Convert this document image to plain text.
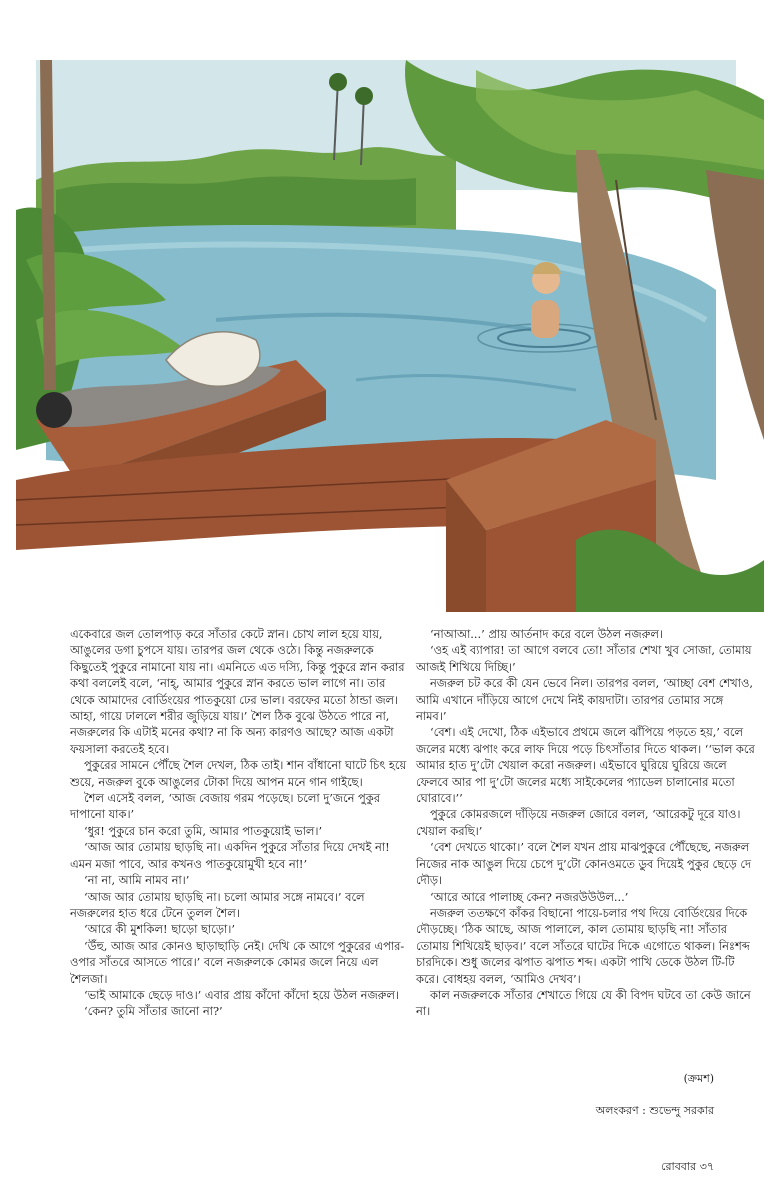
একেবারে জল তোলপাড় করে সাঁতার কেটে স্নান। চোখ লাল হয়ে যায়, আঙুলের ডগা চুপসে যায়। তারপর জল থেকে ওঠে। কিন্তু নজরুলকে কিছুতেই পুকুরে নামানো যায় না। এমনিতে এত দস্যি, কিন্তু পুকুরে স্নান করার কথা বললেই বলে, ‘নাহ্‌, আমার পুকুরে স্নান করতে ভাল লাগে না। তার থেকে আমাদের বোর্ডিংয়ের পাতকুয়ো ঢের ভাল। বরফের মতো ঠান্ডা জল। আহা, গায়ে ঢাললে শরীর জুড়িয়ে যায়।’ শৈল ঠিক বুঝে উঠতে পারে না, নজরুলের কি এটাই মনের কথা? না কি অন্য কারণও আছে? আজ একটা ফয়সালা করতেই হবে।

পুকুরের সামনে পৌঁছে শৈল দেখল, ঠিক তাই। শান বাঁধানো ঘাটে চিৎ হয়ে শুয়ে, নজরুল বুকে আঙুলের টোকা দিয়ে আপন মনে গান গাইছে।

শৈল এসেই বলল, ‘আজ বেজায় গরম পড়েছে। চলো দু’জনে পুকুর দাপানো যাক।’

‘ধুর! পুকুরে চান করো তুমি, আমার পাতকুয়োই ভাল।’

‘আজ আর তোমায় ছাড়ছি না। একদিন পুকুরে সাঁতার দিয়ে দেখই না! এমন মজা পাবে, আর কখনও পাতকুয়োমুখী হবে না!’

‘না না, আমি নামব না।’

‘আজ আর তোমায় ছাড়ছি না। চলো আমার সঙ্গে নামবে।’ বলে নজরুলের হাত ধরে টেনে তুলল শৈল।

‘আরে কী মুশকিল! ছাড়ো ছাড়ো।’

‘উঁহু, আজ আর কোনও ছাড়াছাড়ি নেই। দেখি কে আগে পুকুরের এপার-ওপার সাঁতরে আসতে পারে।’ বলে নজরুলকে কোমর জলে নিয়ে এল শৈলজা।

‘ভাই আমাকে ছেড়ে দাও।’ এবার প্রায় কাঁদো কাঁদো হয়ে উঠল নজরুল।

‘কেন? তুমি সাঁতার জানো না?’

‘নাআআ...’ প্রায় আর্তনাদ করে বলে উঠল নজরুল।

‘ওহ এই ব্যাপার! তা আগে বলবে তো! সাঁতার শেখা খুব সোজা, তোমায় আজই শিখিয়ে দিচ্ছি।’

নজরুল চট করে কী যেন ভেবে নিল। তারপর বলল, ‘আচ্ছা বেশ শেখাও, আমি এখানে দাঁড়িয়ে আগে দেখে নিই কায়দাটা। তারপর তোমার সঙ্গে নামব।’

‘বেশ। এই দেখো, ঠিক এইভাবে প্রথমে জলে ঝাঁপিয়ে পড়তে হয়,’ বলে জলের মধ্যে ঝপাং করে লাফ দিয়ে পড়ে চিৎসাঁতার দিতে থাকল। ‘‘ভাল করে আমার হাত দু’টো খেয়াল করো নজরুল। এইভাবে ঘুরিয়ে ঘুরিয়ে জলে ফেলবে আর পা দু’টো জলের মধ্যে সাইকেলের প্যাডেল চালানোর মতো ঘোরাবে।’’

পুকুরে কোমরজলে দাঁড়িয়ে নজরুল জোরে বলল, ‘আরেকটু দূরে যাও। খেয়াল করছি।’

‘বেশ দেখতে থাকো।’ বলে শৈল যখন প্রায় মাঝপুকুরে পৌঁছেছে, নজরুল নিজের নাক আঙুল দিয়ে চেপে দু’টো কোনওমতে ডুব দিয়েই পুকুর ছেড়ে দে দৌড়।

‘আরে আরে পালাচ্ছ কেন? নজরউউউল...’

নজরুল ততক্ষণে কাঁকর বিছানো পায়ে-চলার পথ দিয়ে বোর্ডিংয়ের দিকে দৌড়চ্ছে। ‘ঠিক আছে, আজ পালালে, কাল তোমায় ছাড়ছি না! সাঁতার তোমায় শিখিয়েই ছাড়ব।’ বলে সাঁতরে ঘাটের দিকে এগোতে থাকল। নিঃশব্দ চারদিকে। শুধু জলের ঝপাত ঝপাত শব্দ। একটা পাখি ডেকে উঠল টি-টি করে। বোধহয় বলল, ‘আমিও দেখব’।

কাল নজরুলকে সাঁতার শেখাতে গিয়ে যে কী বিপদ ঘটবে তা কেউ জানে না।

(ক্রমশ)
অলংকরণ : শুভেন্দু সরকার
রোববার ৩৭
